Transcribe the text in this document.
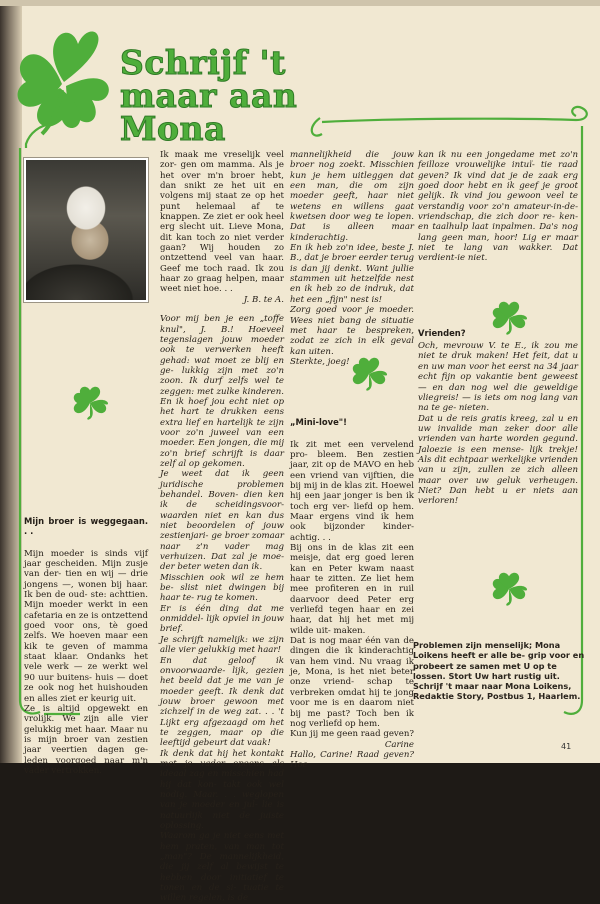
Schrijf 't
maar aan
Mona

Mijn broer is weggegaan. . .

Mijn moeder is sinds vijf jaar gescheiden. Mijn zusje van der- tien en wij — drie jongens —, wonen bij haar. Ik ben de oud- ste: achttien. Mijn moeder werkt in een cafetaria en ze is ontzettend goed voor ons, tè goed zelfs. We hoeven maar een kik te geven of mamma staat klaar. Ondanks het vele werk — ze werkt wel 90 uur buitens- huis — doet ze ook nog het huishouden en alles ziet er keurig uit.

Ze is altijd opgewekt en vrolijk. We zijn alle vier gelukkig met haar. Maar nu is mijn broer van zestien jaar veertien dagen ge- leden voorgoed naar m'n vader vertrokken.

Ik maak me vreselijk veel zor- gen om mamma. Als je het over m'n broer hebt, dan snikt ze het uit en volgens mij staat ze op het punt helemaal af te knappen. Ze ziet er ook heel erg slecht uit. Lieve Mona, dit kan toch zo niet verder gaan? Wij houden zo ontzettend veel van haar. Geef me toch raad. Ik zou haar zo graag helpen, maar weet niet hoe. . .

J. B. te A.

Voor mij ben je een „toffe knul", J. B.! Hoeveel tegenslagen jouw moeder ook te verwerken heeft gehad: wat moet ze blij en ge- lukkig zijn met zo'n zoon. Ik durf zelfs wel te zeggen: met zulke kinderen. En ik hoef jou echt niet op het hart te drukken eens extra lief en hartelijk te zijn voor zo'n juweel van een moeder. Een jongen, die mij zo'n brief schrijft is daar zelf al op gekomen.

Je weet dat ik geen juridische problemen behandel. Boven- dien ken ik de scheidingsvoor- waarden niet en kan dus niet beoordelen of jouw zestienjari- ge broer zomaar naar z'n vader mag verhuizen. Dat zal je moe- der beter weten dan ik.

Misschien ook wil ze hem be- slist niet dwingen bij haar te- rug te komen.

Er is één ding dat me onmiddel- lijk opviel in jouw brief.

Je schrijft namelijk: we zijn alle vier gelukkig met haar!

En dat geloof ik onvoorwaarde- lijk, gezien het beeld dat je me van je moeder geeft. Ik denk dat jouw broer gewoon met zichzelf in de weg zat. . . 't Lijkt erg afgezaagd om het te zeggen, maar op die leeftijd gebeurt dat vaak!

Ik denk dat hij het kontakt met je vader opeens als ideaal zag en misschien had hij dat kon- takt ook wel nodig. Maar. . . weglopen van je moeder en jul- lie is natuurlijk niet de juiste oplossing.

Waarom ga je niet eens met hem praten, van man tot „man"? De mannelijkheid, die jij zelf al bewijst te hebben door initiatief te tonen en de si- tuatie te willen regelen, is de

mannelijkheid die jouw broer nog zoekt. Misschien kun je hem uitleggen dat een man, die om zijn moeder geeft, haar niet wetens en willens gaat kwetsen door weg te lopen. Dat is alleen maar kinderachtig.

En ik heb zo'n idee, beste J. B., dat je broer eerder terug is dan jij denkt. Want jullie stammen uit hetzelfde nest en ik heb zo de indruk, dat het een „fijn" nest is!

Zorg goed voor je moeder. Wees niet bang de situatie met haar te bespreken, zodat ze zich in elk geval kan uiten.

Sterkte, joeg!

„Mini-love"!

Ik zit met een vervelend pro- bleem. Ben zestien jaar, zit op de MAVO en heb een vriend van vijftien, die bij mij in de klas zit. Hoewel hij een jaar jonger is ben ik toch erg ver- liefd op hem. Maar ergens vind ik hem ook bijzonder kinder- achtig. . .

Bij ons in de klas zit een meisje, dat erg goed leren kan en Peter kwam naast haar te zitten. Ze liet hem mee profiteren en in ruil daarvoor deed Peter erg verliefd tegen haar en zei haar, dat hij het met mij wilde uit- maken.

Dat is nog maar één van de dingen die ik kinderachtig van hem vind. Nu vraag ik je, Mona, is het niet beter onze vriend- schap te verbreken omdat hij te jong voor me is en daarom niet bij me past? Toch ben ik nog verliefd op hem.

Kun jij me geen raad geven?

Carine

Hallo, Carine! Raad geven? Hoe

kan ik nu een jongedame met zo'n feilloze vrouwelijke intuï- tie raad geven? Ik vind dat je de zaak erg goed door hebt en ik geef je groot gelijk. Ik vind jou gewoon veel te verstandig voor zo'n amateur-in-de- vriendschap, die zich door re- ken- en taalhulp laat inpalmen. Da's nog lang geen man, hoor! Lig er maar niet te lang van wakker. Dat verdient-ie niet.

Vrienden?

Och, mevrouw V. te E., ik zou me niet te druk maken! Het feit, dat u en uw man voor het eerst na 34 jaar echt fijn op vakantie bent geweest — en dan nog wel die geweldige vliegreis! — is iets om nog lang van na te ge- nieten.

Dat u de reis gratis kreeg, zal u en uw invalide man zeker door alle vrienden van harte worden gegund. Jaloezie is een mense- lijk trekje! Als dit echtpaar werkelijke vrienden van u zijn, zullen ze zich alleen maar over uw geluk verheugen. Niet? Dan hebt u er niets aan verloren!

Problemen zijn menselijk; Mona Loikens heeft er alle be- grip voor en probeert ze samen met U op te lossen. Stort Uw hart rustig uit. Schrijf 't maar naar Mona Loikens, Redaktie Story, Postbus 1, Haarlem.
41
